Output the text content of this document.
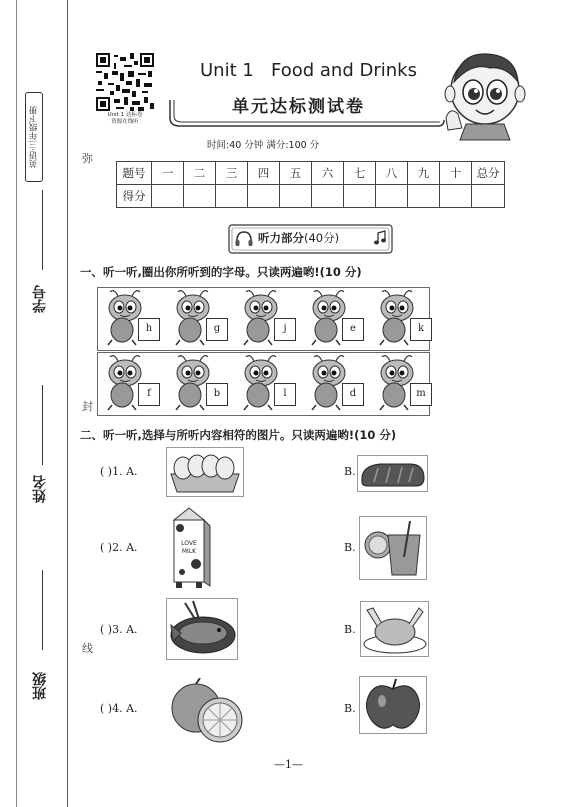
英语·三年级下册	弥
封
线
学号
姓名
班级
Unit 1 达标卷
资源在线听
Unit 1 Food and Drinks
单元达标测试卷
时间:40 分钟 满分:100 分
题号	一	二	三	四	五	六	七	八	九	十	总分
得分											
听力部分(40分)
一、听一听,圈出你所听到的字母。只读两遍哟!(10 分)
h	g	j	e	k
f	b	l	d	m
二、听一听,选择与所听内容相符的图片。只读两遍哟!(10 分)
( )1. A.	B.
( )2. A.	LOVE MILK	B.
( )3. A.	B.
( )4. A.	B.
—1—
